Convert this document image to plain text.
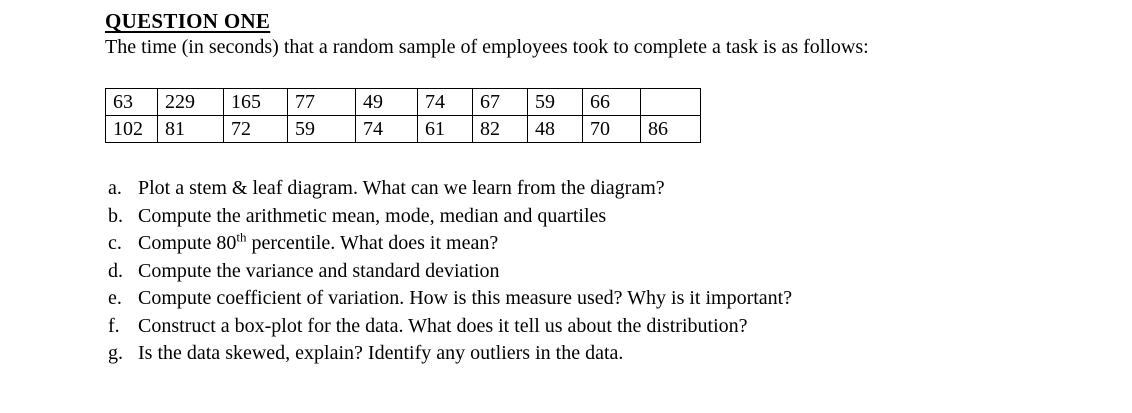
QUESTION ONE

The time (in seconds) that a random sample of employees took to complete a task is as follows:

63	229	165	77	49	74	67	59	66	
102	81	72	59	74	61	82	48	70	86
a. Plot a stem & leaf diagram. What can we learn from the diagram?
b. Compute the arithmetic mean, mode, median and quartiles
c. Compute 80th percentile. What does it mean?
d. Compute the variance and standard deviation
e. Compute coefficient of variation. How is this measure used? Why is it important?
f. Construct a box-plot for the data. What does it tell us about the distribution?
g. Is the data skewed, explain? Identify any outliers in the data.
